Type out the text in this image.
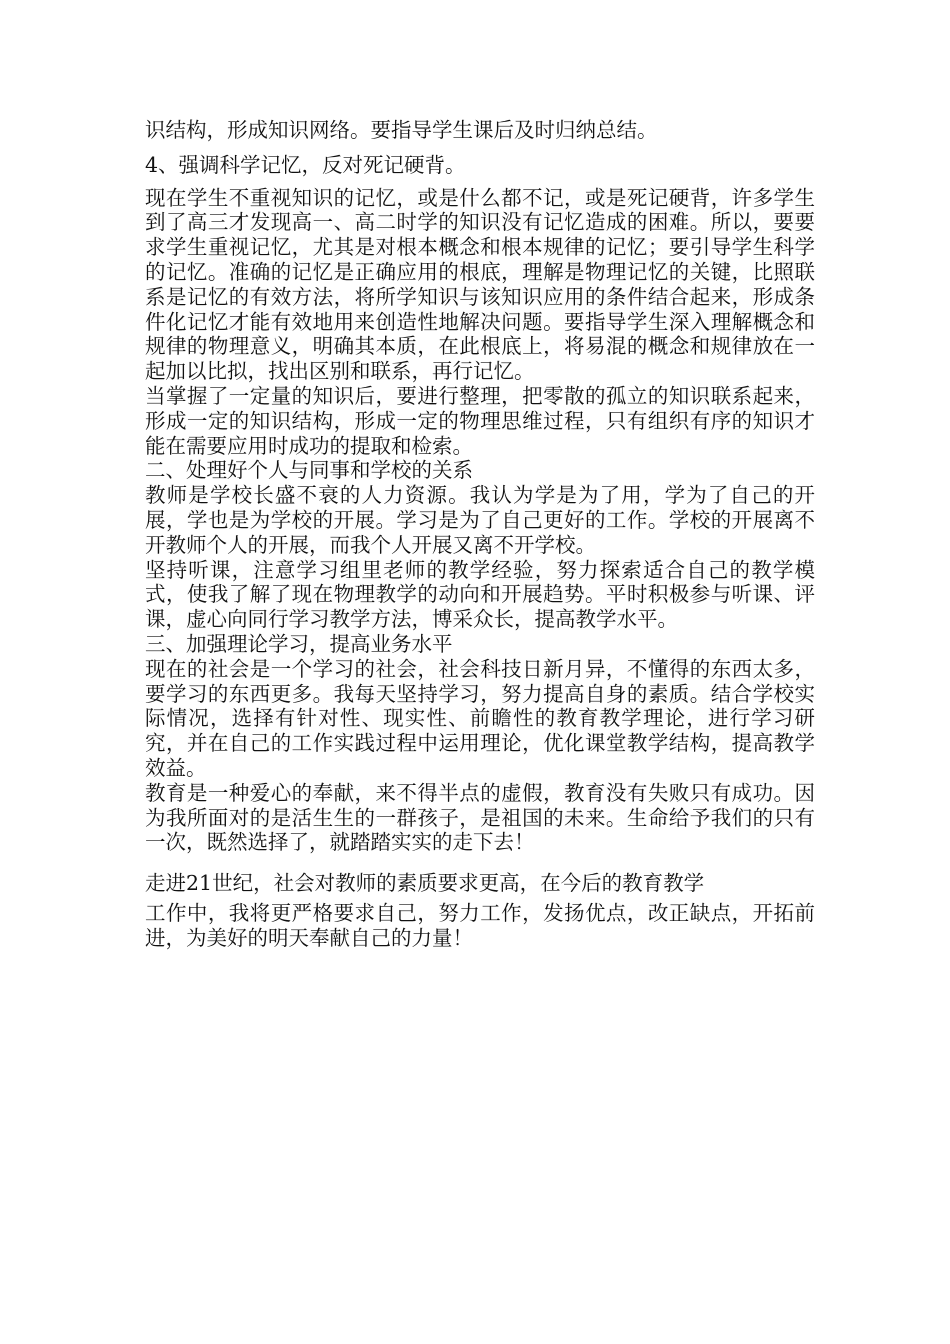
识结构，形成知识网络。要指导学生课后及时归纳总结。

4、强调科学记忆，反对死记硬背。

现在学生不重视知识的记忆，或是什么都不记，或是死记硬背，许多学生到了高三才发现高一、高二时学的知识没有记忆造成的困难。所以，要要求学生重视记忆，尤其是对根本概念和根本规律的记忆；要引导学生科学的记忆。准确的记忆是正确应用的根底，理解是物理记忆的关键，比照联系是记忆的有效方法，将所学知识与该知识应用的条件结合起来，形成条件化记忆才能有效地用来创造性地解决问题。要指导学生深入理解概念和规律的物理意义，明确其本质，在此根底上，将易混的概念和规律放在一起加以比拟，找出区别和联系，再行记忆。

当掌握了一定量的知识后，要进行整理，把零散的孤立的知识联系起来，形成一定的知识结构，形成一定的物理思维过程，只有组织有序的知识才能在需要应用时成功的提取和检索。

二、处理好个人与同事和学校的关系

教师是学校长盛不衰的人力资源。我认为学是为了用，学为了自己的开展，学也是为学校的开展。学习是为了自己更好的工作。学校的开展离不开教师个人的开展，而我个人开展又离不开学校。

坚持听课，注意学习组里老师的教学经验，努力探索适合自己的教学模式，使我了解了现在物理教学的动向和开展趋势。平时积极参与听课、评课，虚心向同行学习教学方法，博采众长，提高教学水平。

三、加强理论学习，提高业务水平

现在的社会是一个学习的社会，社会科技日新月异，不懂得的东西太多，要学习的东西更多。我每天坚持学习，努力提高自身的素质。结合学校实际情况，选择有针对性、现实性、前瞻性的教育教学理论，进行学习研究，并在自己的工作实践过程中运用理论，优化课堂教学结构，提高教学效益。

教育是一种爱心的奉献，来不得半点的虚假，教育没有失败只有成功。因为我所面对的是活生生的一群孩子，是祖国的未来。生命给予我们的只有一次，既然选择了，就踏踏实实的走下去！

走进21世纪，社会对教师的素质要求更高，在今后的教育教学

工作中，我将更严格要求自己，努力工作，发扬优点，改正缺点，开拓前进，为美好的明天奉献自己的力量！
